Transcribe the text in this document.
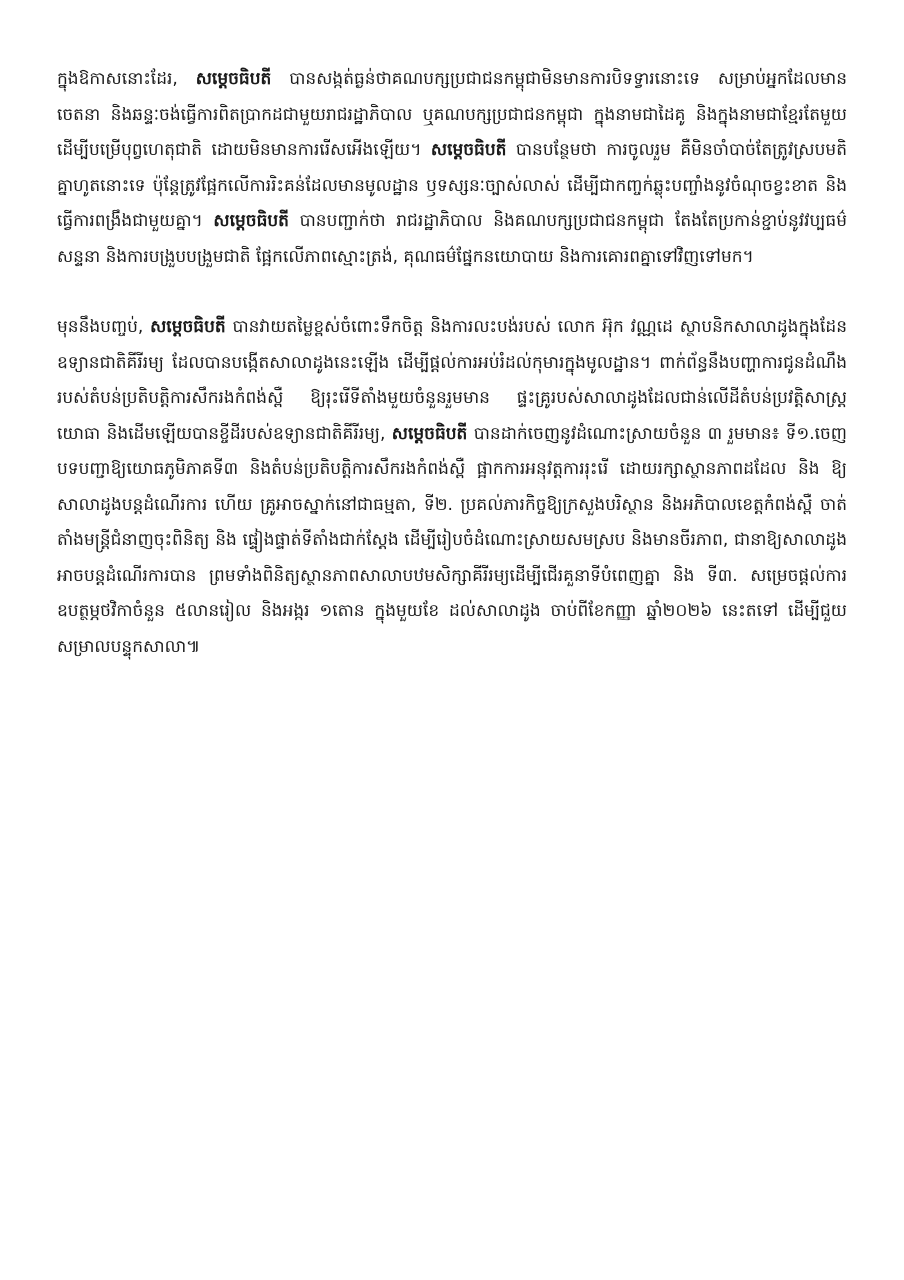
ក្នុងឱកាសនោះដែរ, សម្តេចធិបតី បានសង្កត់ធ្ងន់ថាគណបក្សប្រជាជនកម្ពុជាមិនមានការបិទទ្វារនោះទេ សម្រាប់អ្នកដែលមានចេតនា និងឆន្ទៈចង់ធ្វើការពិតប្រាកដជាមួយរាជរដ្ឋាភិបាល ឬគណបក្សប្រជាជនកម្ពុជា ក្នុងនាមជាដៃគូ និងក្នុងនាមជាខ្មែរតែមួយដើម្បីបម្រើបុព្វហេតុជាតិ ដោយមិនមានការរើសអើងឡើយ។ សម្តេចធិបតី បានបន្ថែមថា ការចូលរួម គឺមិនចាំបាច់តែត្រូវស្របមតិគ្នាហូតនោះទេ ប៉ុន្តែត្រូវផ្អែកលើការរិះគន់ដែលមានមូលដ្ឋាន ឫទស្សនៈច្បាស់លាស់ ដើម្បីជាកញ្ចក់ឆ្លុះបញ្ចាំងនូវចំណុចខ្វះខាត និងធ្វើការពង្រឹងជាមួយគ្នា។ សម្តេចធិបតី បានបញ្ជាក់ថា រាជរដ្ឋាភិបាល និងគណបក្សប្រជាជនកម្ពុជា តែងតែប្រកាន់ខ្ជាប់នូវវប្បធម៌សន្ទនា និងការបង្រួបបង្រួមជាតិ ផ្អែកលើភាពស្មោះត្រង់, គុណធម៌ផ្នែកនយោបាយ និងការគោរពគ្នាទៅវិញទៅមក។

មុននឹងបញ្ចប់, សម្តេចធិបតី បានវាយតម្លៃខ្ពស់ចំពោះទឹកចិត្ត និងការលះបង់របស់ លោក អ៊ុក វណ្ណដេ ស្ថាបនិកសាលាដូងក្នុងដែនឧទ្យានជាតិគីរីរម្យ ដែលបានបង្កើតសាលាដូងនេះឡើង ដើម្បីផ្តល់ការអប់រំដល់កុមារក្នុងមូលដ្ឋាន។ ពាក់ព័ន្ធនឹងបញ្ហាការជូនដំណឹងរបស់តំបន់ប្រតិបត្តិការសឹករងកំពង់ស្ពឺ ឱ្យរុះរើទីតាំងមួយចំនួនរួមមាន ផ្ទះគ្រូរបស់សាលាដូងដែលជាន់លើដីតំបន់ប្រវត្តិសាស្ត្រយោធា និងដើមឡើយបានខ្ចីដីរបស់ឧទ្យានជាតិគីរីរម្យ, សម្តេចធិបតី បានដាក់ចេញនូវដំណោះស្រាយចំនួន ៣ រួមមាន៖ ទី១.ចេញបទបញ្ជាឱ្យយោធភូមិភាគទី៣ និងតំបន់ប្រតិបត្តិការសឹករងកំពង់ស្ពឺ ផ្អាកការអនុវត្តការរុះរើ ដោយរក្សាស្ថានភាពដដែល និង ឱ្យសាលាដូងបន្តដំណើរការ ហើយ គ្រូអាចស្នាក់នៅជាធម្មតា, ទី២. ប្រគល់ភារកិច្ចឱ្យក្រសួងបរិស្ថាន និងអភិបាលខេត្តកំពង់ស្ពឺ ចាត់តាំងមន្ត្រីជំនាញចុះពិនិត្យ និង ផ្ទៀងផ្ទាត់ទីតាំងជាក់ស្តែង ដើម្បីរៀបចំដំណោះស្រាយសមស្រប និងមានចីរភាព, ជានាឱ្យសាលាដូងអាចបន្តដំណើរការបាន ព្រមទាំងពិនិត្យស្ថានភាពសាលាបឋមសិក្សាគីរីរម្យដើម្បីជើរគួនាទីបំពេញគ្នា និង ទី៣. សម្រេចផ្តល់ការឧបត្ថម្ភថវិកាចំនួន ៥លានរៀល និងអង្ករ ១តោន ក្នុងមួយខែ ដល់សាលាដូង ចាប់ពីខែកញ្ញា ឆ្នាំ២០២៦ នេះតទៅ ដើម្បីជួយសម្រាលបន្ទុកសាលា៕
